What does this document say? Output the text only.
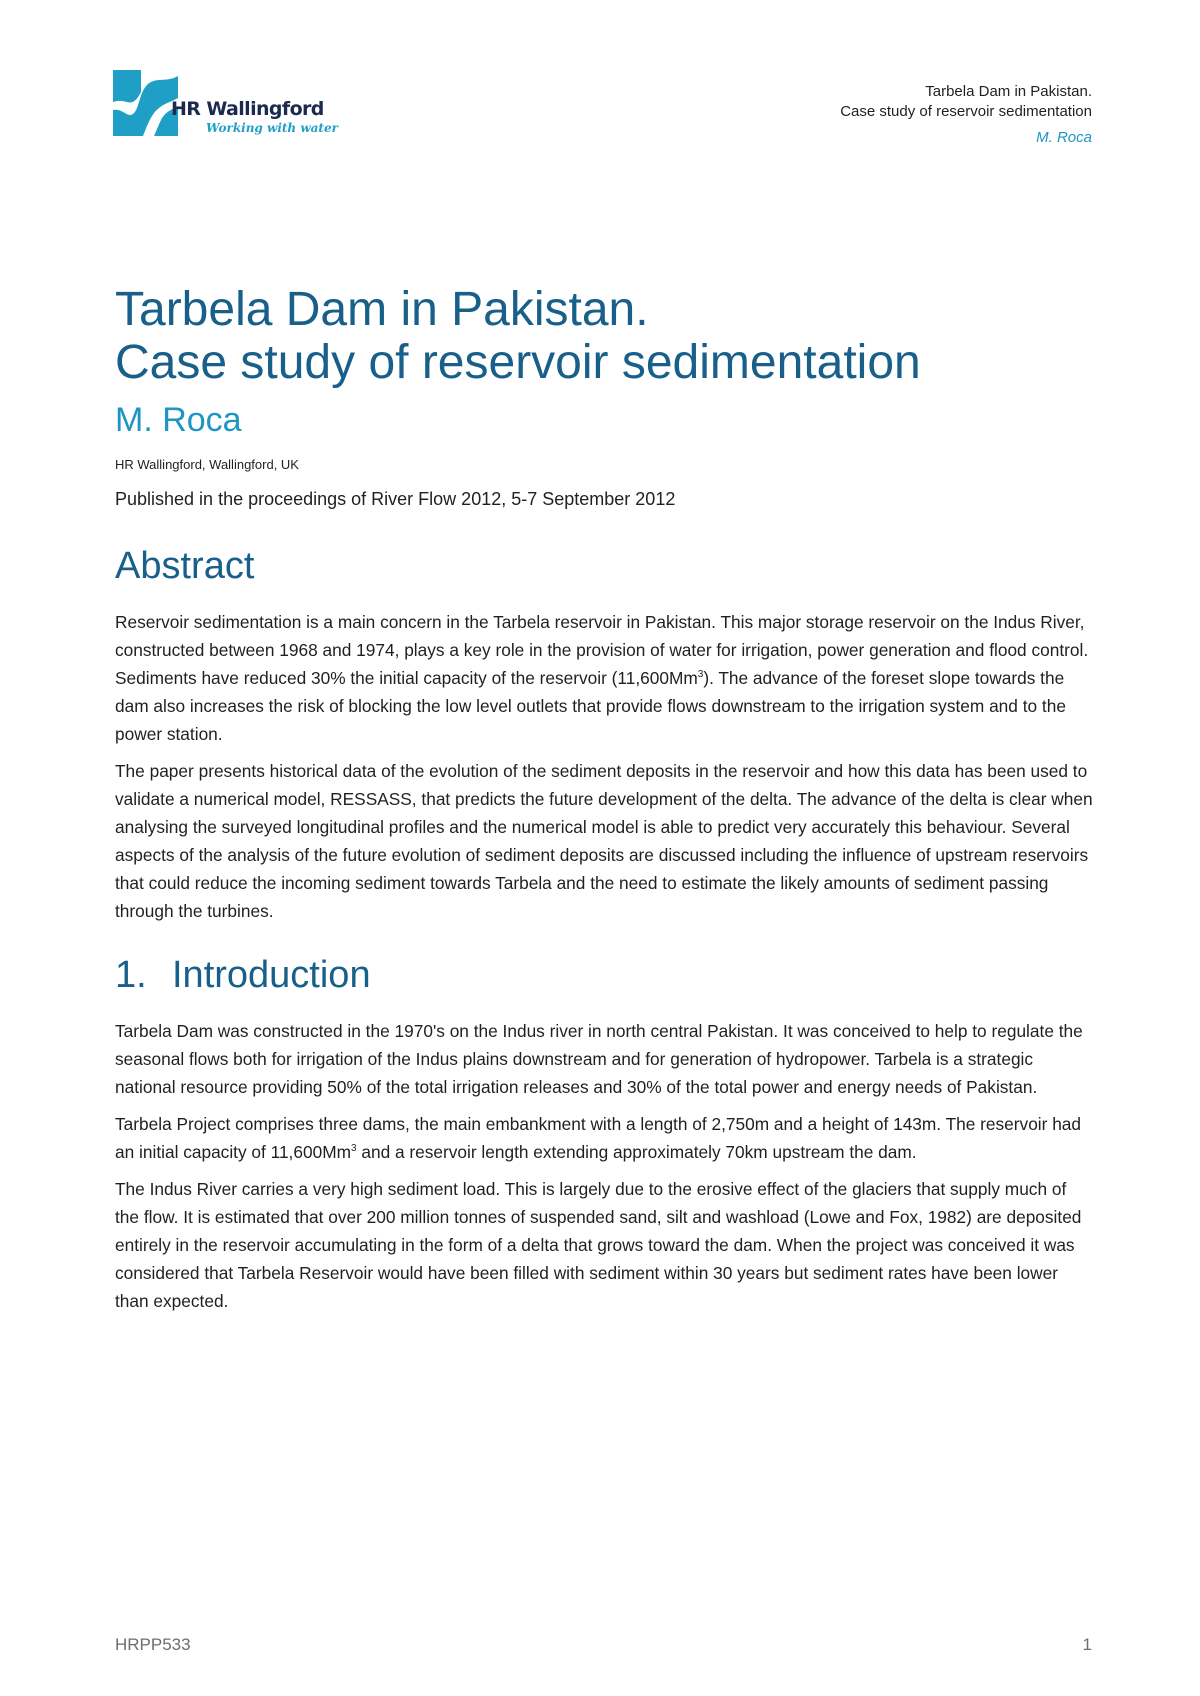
HR Wallingford

Working with water

Tarbela Dam in Pakistan.
Case study of reservoir sedimentation
M. Roca
Tarbela Dam in Pakistan.
Case study of reservoir sedimentation

M. Roca

HR Wallingford, Wallingford, UK

Published in the proceedings of River Flow 2012, 5-7 September 2012

Abstract

Reservoir sedimentation is a main concern in the Tarbela reservoir in Pakistan. This major storage reservoir on the Indus River, constructed between 1968 and 1974, plays a key role in the provision of water for irrigation, power generation and flood control. Sediments have reduced 30% the initial capacity of the reservoir (11,600Mm$^3$). The advance of the foreset slope towards the dam also increases the risk of blocking the low level outlets that provide flows downstream to the irrigation system and to the power station.

The paper presents historical data of the evolution of the sediment deposits in the reservoir and how this data has been used to validate a numerical model, RESSASS, that predicts the future development of the delta. The advance of the delta is clear when analysing the surveyed longitudinal profiles and the numerical model is able to predict very accurately this behaviour. Several aspects of the analysis of the future evolution of sediment deposits are discussed including the influence of upstream reservoirs that could reduce the incoming sediment towards Tarbela and the need to estimate the likely amounts of sediment passing through the turbines.

1. Introduction

Tarbela Dam was constructed in the 1970's on the Indus river in north central Pakistan. It was conceived to help to regulate the seasonal flows both for irrigation of the Indus plains downstream and for generation of hydropower. Tarbela is a strategic national resource providing 50% of the total irrigation releases and 30% of the total power and energy needs of Pakistan.

Tarbela Project comprises three dams, the main embankment with a length of 2,750m and a height of 143m. The reservoir had an initial capacity of 11,600Mm$^3$ and a reservoir length extending approximately 70km upstream the dam.

The Indus River carries a very high sediment load. This is largely due to the erosive effect of the glaciers that supply much of the flow. It is estimated that over 200 million tonnes of suspended sand, silt and washload (Lowe and Fox, 1982) are deposited entirely in the reservoir accumulating in the form of a delta that grows toward the dam. When the project was conceived it was considered that Tarbela Reservoir would have been filled with sediment within 30 years but sediment rates have been lower than expected.

HRPP533	1
